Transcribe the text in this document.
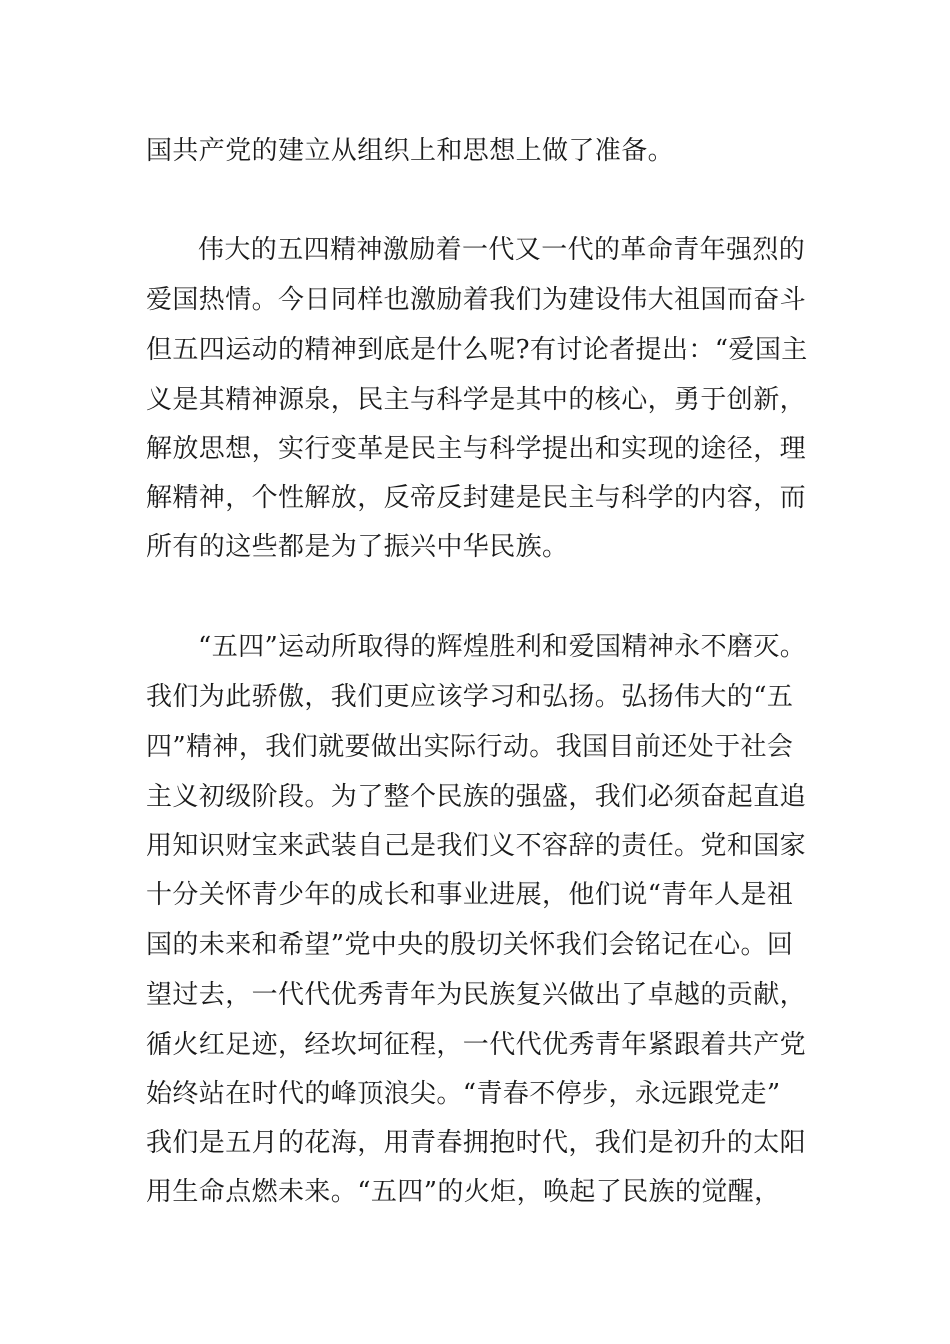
国共产党的建立从组织上和思想上做了准备。
伟大的五四精神激励着一代又一代的革命青年强烈的
爱国热情。今日同样也激励着我们为建设伟大祖国而奋斗
但五四运动的精神到底是什么呢?有讨论者提出：“爱国主
义是其精神源泉，民主与科学是其中的核心，勇于创新，
解放思想，实行变革是民主与科学提出和实现的途径，理
解精神，个性解放，反帝反封建是民主与科学的内容，而
所有的这些都是为了振兴中华民族。
“五四”运动所取得的辉煌胜利和爱国精神永不磨灭。
我们为此骄傲，我们更应该学习和弘扬。弘扬伟大的“五
四”精神，我们就要做出实际行动。我国目前还处于社会
主义初级阶段。为了整个民族的强盛，我们必须奋起直追
用知识财宝来武装自己是我们义不容辞的责任。党和国家
十分关怀青少年的成长和事业进展，他们说“青年人是祖
国的未来和希望”党中央的殷切关怀我们会铭记在心。回
望过去，一代代优秀青年为民族复兴做出了卓越的贡献，
循火红足迹，经坎坷征程，一代代优秀青年紧跟着共产党
始终站在时代的峰顶浪尖。“青春不停步，永远跟党走”
我们是五月的花海，用青春拥抱时代，我们是初升的太阳
用生命点燃未来。“五四”的火炬，唤起了民族的觉醒，
